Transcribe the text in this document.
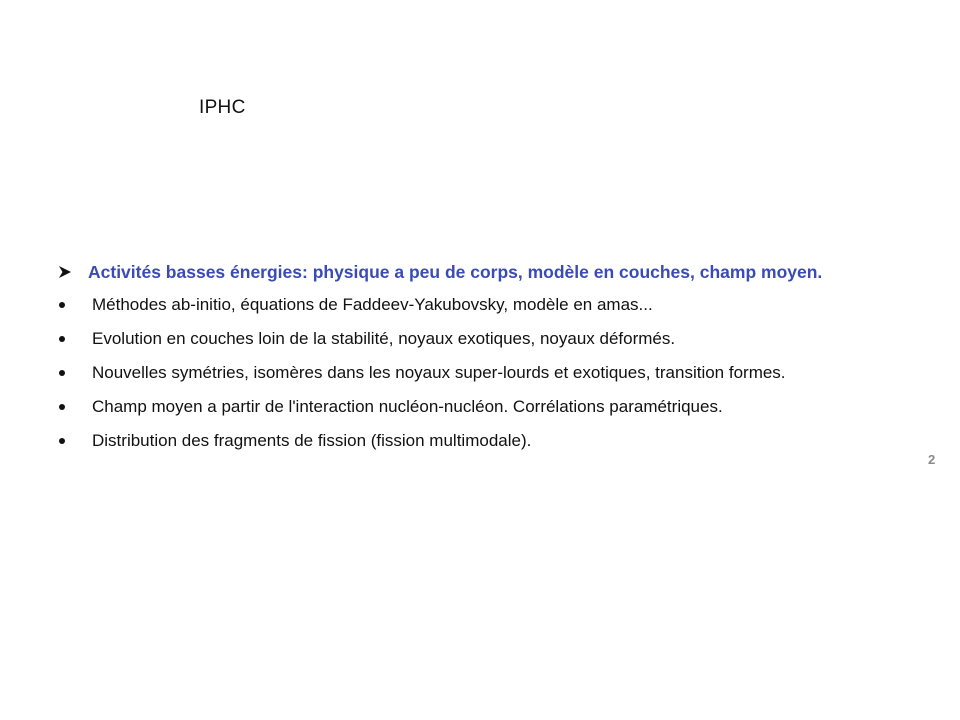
IPHC
Activités basses énergies: physique a peu de corps, modèle en couches, champ moyen.
Méthodes ab-initio, équations de Faddeev-Yakubovsky, modèle en amas...
Evolution en couches loin de la stabilité, noyaux exotiques, noyaux déformés.
Nouvelles symétries, isomères dans les noyaux super-lourds et exotiques, transition formes.
Champ moyen a partir de l'interaction nucléon-nucléon. Corrélations paramétriques.
Distribution des fragments de fission (fission multimodale).
2
